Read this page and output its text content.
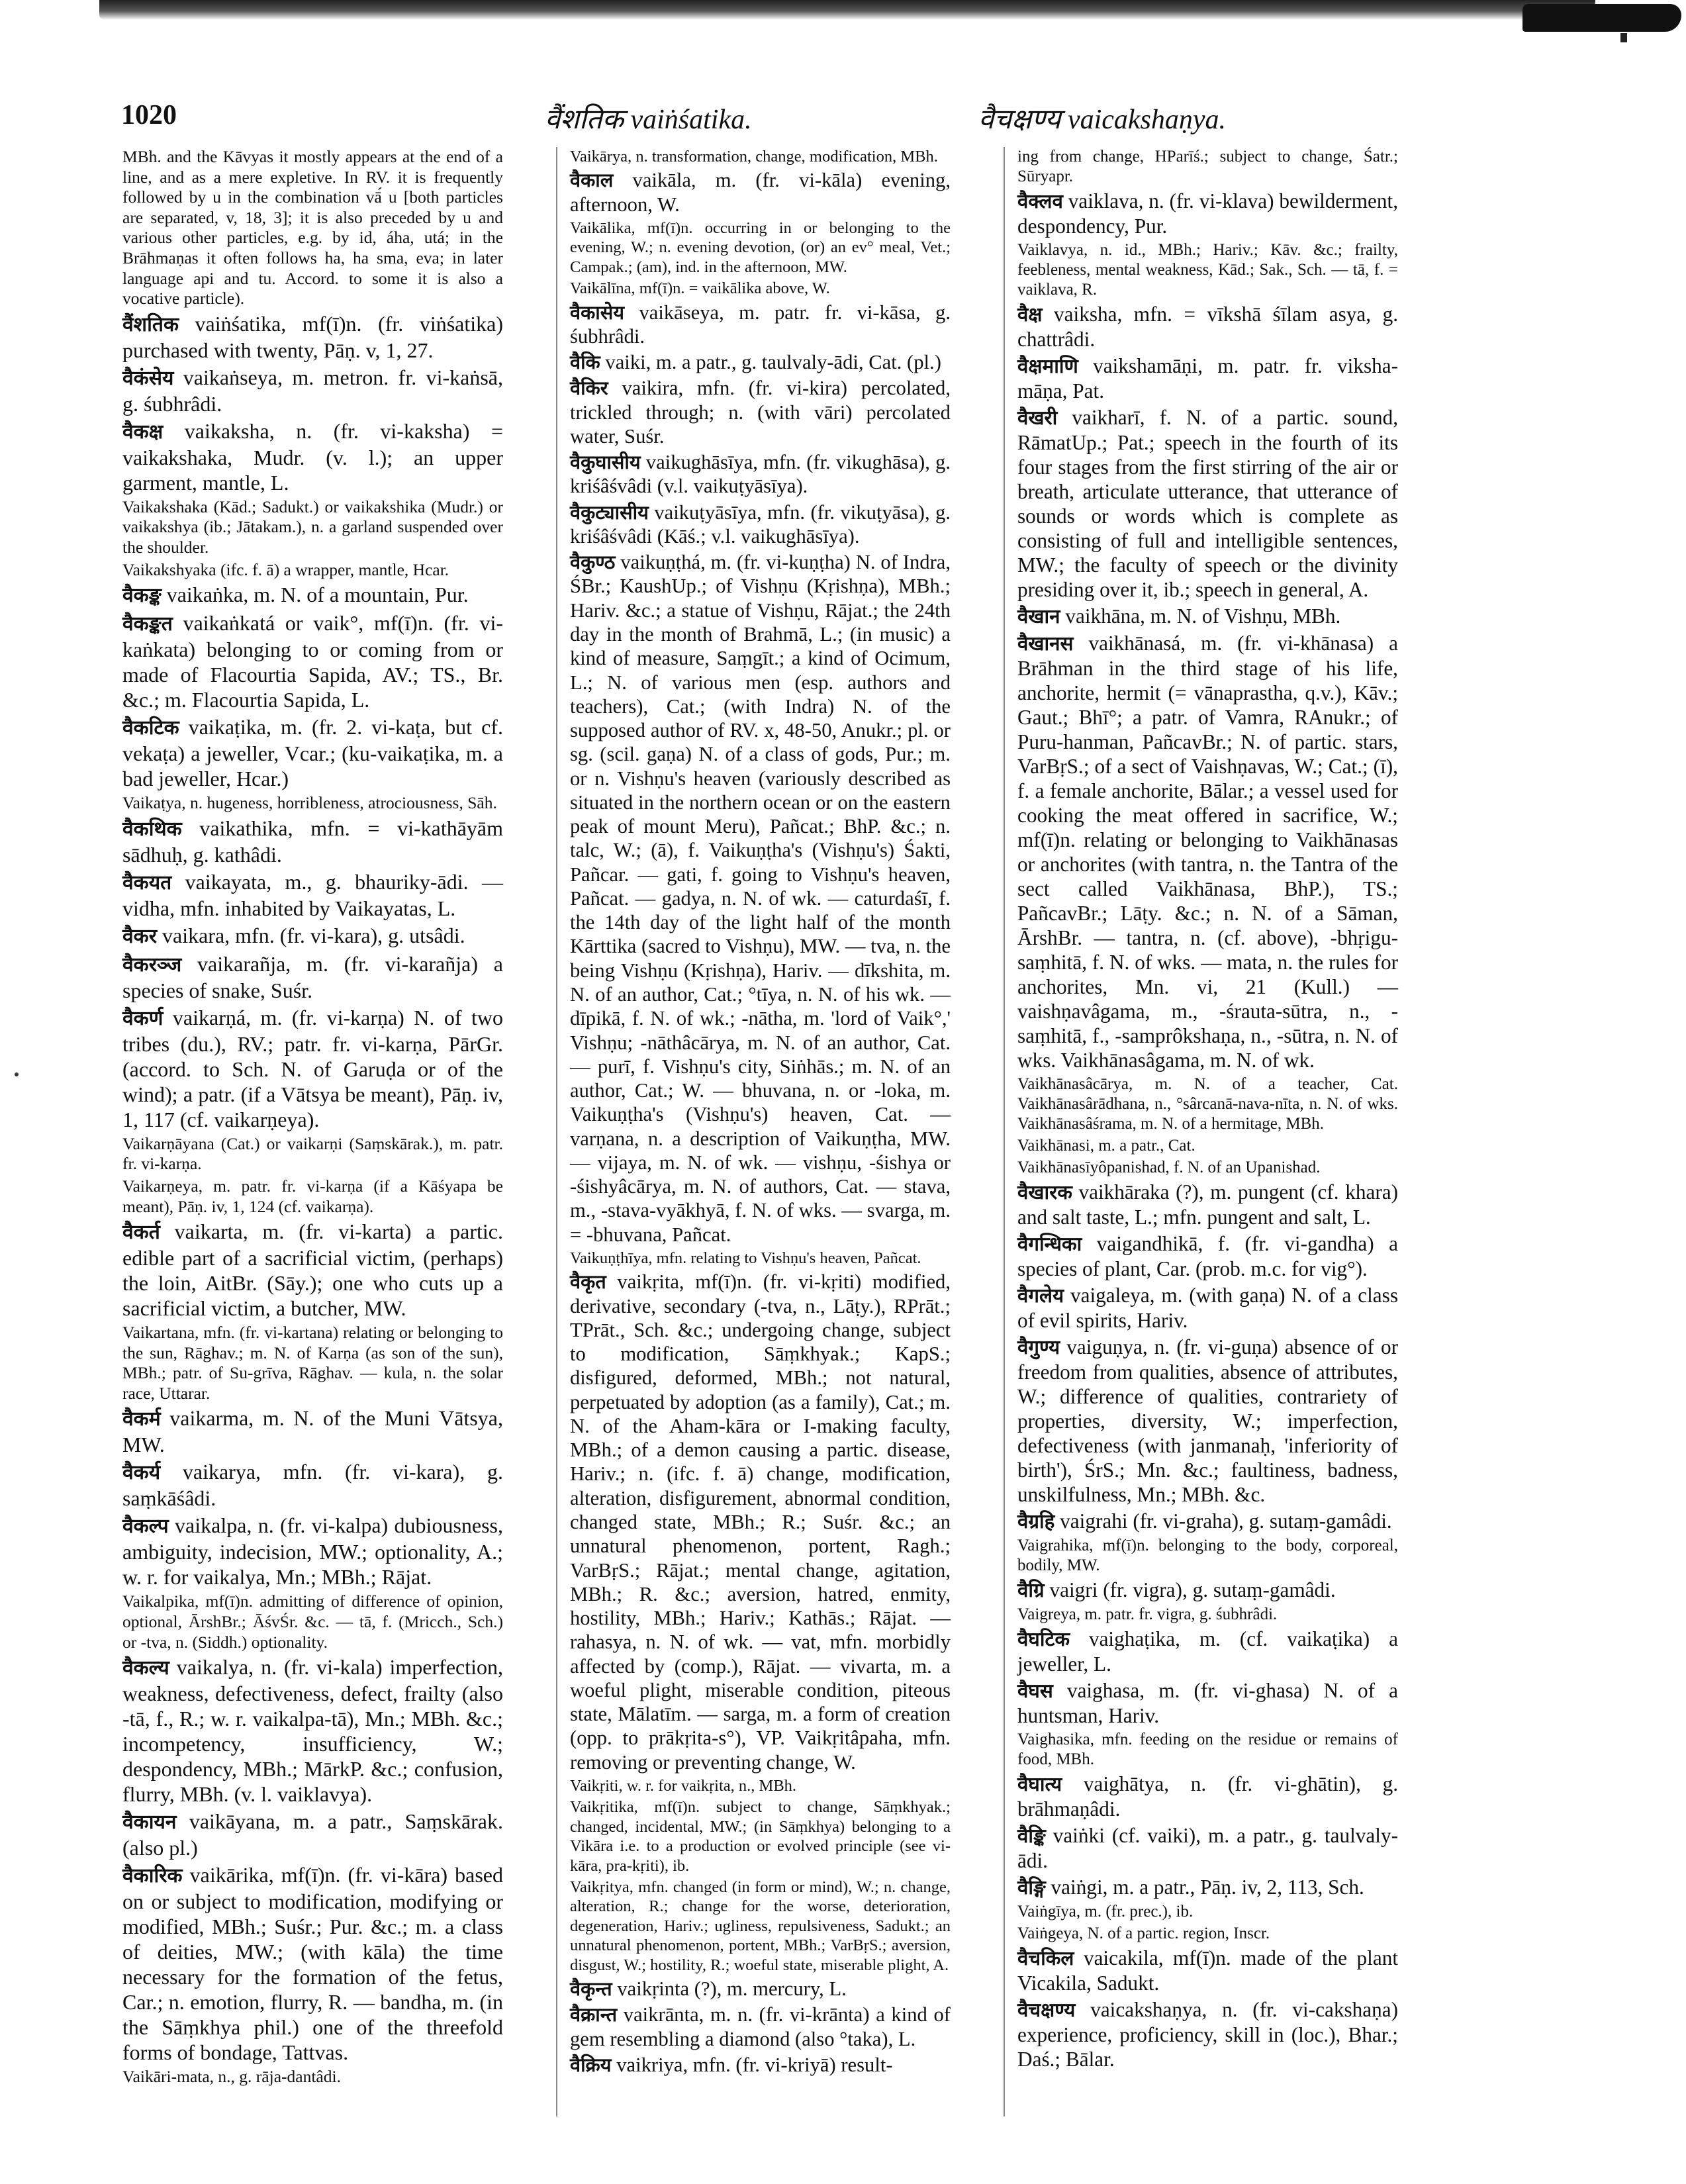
1020	वैंशतिक vaiṅśatika.	वैचक्षण्य vaicakshaṇya.

MBh. and the Kāvyas it mostly appears at the end of a line, and as a mere expletive. In RV. it is frequently followed by u in the combination vā́ u [both particles are separated, v, 18, 3]; it is also preceded by u and various other particles, e.g. by id, áha, utá; in the Brāhmaṇas it often follows ha, ha sma, eva; in later language api and tu. Accord. to some it is also a vocative particle).

वैंशतिक vaiṅśatika, mf(ī)n. (fr. viṅśatika) purchased with twenty, Pāṇ. v, 1, 27.

वैकंसेय vaikaṅseya, m. metron. fr. vi-kaṅsā, g. śubhrâdi.

वैकक्ष vaikaksha, n. (fr. vi-kaksha) = vaikakshaka, Mudr. (v. l.); an upper garment, mantle, L.

Vaikakshaka (Kād.; Sadukt.) or vaikakshika (Mudr.) or vaikakshya (ib.; Jātakam.), n. a garland suspended over the shoulder.

Vaikakshyaka (ifc. f. ā) a wrapper, mantle, Hcar.

वैकङ्क vaikaṅka, m. N. of a mountain, Pur.

वैकङ्कत vaikaṅkatá or vaik°, mf(ī)n. (fr. vi-kaṅkata) belonging to or coming from or made of Flacourtia Sapida, AV.; TS., Br. &c.; m. Flacourtia Sapida, L.

वैकटिक vaikaṭika, m. (fr. 2. vi-kaṭa, but cf. vekaṭa) a jeweller, Vcar.; (ku-vaikaṭika, m. a bad jeweller, Hcar.)

Vaikaṭya, n. hugeness, horribleness, atrociousness, Sāh.

वैकथिक vaikathika, mfn. = vi-kathāyām sādhuḥ, g. kathâdi.

वैकयत vaikayata, m., g. bhauriky-ādi. — vidha, mfn. inhabited by Vaikayatas, L.

वैकर vaikara, mfn. (fr. vi-kara), g. utsâdi.

वैकरञ्ज vaikarañja, m. (fr. vi-karañja) a species of snake, Suśr.

वैकर्ण vaikarṇá, m. (fr. vi-karṇa) N. of two tribes (du.), RV.; patr. fr. vi-karṇa, PārGr. (accord. to Sch. N. of Garuḍa or of the wind); a patr. (if a Vātsya be meant), Pāṇ. iv, 1, 117 (cf. vaikarṇeya).

Vaikarṇāyana (Cat.) or vaikarṇi (Saṃskārak.), m. patr. fr. vi-karṇa.

Vaikarṇeya, m. patr. fr. vi-karṇa (if a Kāśyapa be meant), Pāṇ. iv, 1, 124 (cf. vaikarṇa).

वैकर्त vaikarta, m. (fr. vi-karta) a partic. edible part of a sacrificial victim, (perhaps) the loin, AitBr. (Sāy.); one who cuts up a sacrificial victim, a butcher, MW.

Vaikartana, mfn. (fr. vi-kartana) relating or belonging to the sun, Rāghav.; m. N. of Karṇa (as son of the sun), MBh.; patr. of Su-grīva, Rāghav. — kula, n. the solar race, Uttarar.

वैकर्म vaikarma, m. N. of the Muni Vātsya, MW.

वैकर्य vaikarya, mfn. (fr. vi-kara), g. saṃkāśâdi.

वैकल्प vaikalpa, n. (fr. vi-kalpa) dubiousness, ambiguity, indecision, MW.; optionality, A.; w. r. for vaikalya, Mn.; MBh.; Rājat.

Vaikalpika, mf(ī)n. admitting of difference of opinion, optional, ĀrshBr.; ĀśvŚr. &c. — tā, f. (Mricch., Sch.) or -tva, n. (Siddh.) optionality.

वैकल्य vaikalya, n. (fr. vi-kala) imperfection, weakness, defectiveness, defect, frailty (also -tā, f., R.; w. r. vaikalpa-tā), Mn.; MBh. &c.; incompetency, insufficiency, W.; despondency, MBh.; MārkP. &c.; confusion, flurry, MBh. (v. l. vaiklavya).

वैकायन vaikāyana, m. a patr., Saṃskārak. (also pl.)

वैकारिक vaikārika, mf(ī)n. (fr. vi-kāra) based on or subject to modification, modifying or modified, MBh.; Suśr.; Pur. &c.; m. a class of deities, MW.; (with kāla) the time necessary for the formation of the fetus, Car.; n. emotion, flurry, R. — bandha, m. (in the Sāṃkhya phil.) one of the threefold forms of bondage, Tattvas.

Vaikāri-mata, n., g. rāja-dantâdi.

Vaikārya, n. transformation, change, modification, MBh.

वैकाल vaikāla, m. (fr. vi-kāla) evening, afternoon, W.

Vaikālika, mf(ī)n. occurring in or belonging to the evening, W.; n. evening devotion, (or) an ev° meal, Vet.; Campak.; (am), ind. in the afternoon, MW.

Vaikālīna, mf(ī)n. = vaikālika above, W.

वैकासेय vaikāseya, m. patr. fr. vi-kāsa, g. śubhrâdi.

वैकि vaiki, m. a patr., g. taulvaly-ādi, Cat. (pl.)

वैकिर vaikira, mfn. (fr. vi-kira) percolated, trickled through; n. (with vāri) percolated water, Suśr.

वैकुघासीय vaikughāsīya, mfn. (fr. vikughāsa), g. kriśâśvâdi (v.l. vaikuṭyāsīya).

वैकुट्यासीय vaikuṭyāsīya, mfn. (fr. vikuṭyāsa), g. kriśâśvâdi (Kāś.; v.l. vaikughāsīya).

वैकुण्ठ vaikuṇṭhá, m. (fr. vi-kuṇṭha) N. of Indra, ŚBr.; KaushUp.; of Vishṇu (Kṛishṇa), MBh.; Hariv. &c.; a statue of Vishṇu, Rājat.; the 24th day in the month of Brahmā, L.; (in music) a kind of measure, Saṃgīt.; a kind of Ocimum, L.; N. of various men (esp. authors and teachers), Cat.; (with Indra) N. of the supposed author of RV. x, 48-50, Anukr.; pl. or sg. (scil. gaṇa) N. of a class of gods, Pur.; m. or n. Vishṇu's heaven (variously described as situated in the northern ocean or on the eastern peak of mount Meru), Pañcat.; BhP. &c.; n. talc, W.; (ā), f. Vaikuṇṭha's (Vishṇu's) Śakti, Pañcar. — gati, f. going to Vishṇu's heaven, Pañcat. — gadya, n. N. of wk. — caturdaśī, f. the 14th day of the light half of the month Kārttika (sacred to Vishṇu), MW. — tva, n. the being Vishṇu (Kṛishṇa), Hariv. — dīkshita, m. N. of an author, Cat.; °tīya, n. N. of his wk. — dīpikā, f. N. of wk.; -nātha, m. 'lord of Vaik°,' Vishṇu; -nāthâcārya, m. N. of an author, Cat. — purī, f. Vishṇu's city, Siṅhās.; m. N. of an author, Cat.; W. — bhuvana, n. or -loka, m. Vaikuṇṭha's (Vishṇu's) heaven, Cat. — varṇana, n. a description of Vaikuṇṭha, MW. — vijaya, m. N. of wk. — vishṇu, -śishya or -śishyâcārya, m. N. of authors, Cat. — stava, m., -stava-vyākhyā, f. N. of wks. — svarga, m. = -bhuvana, Pañcat.

Vaikuṇṭhīya, mfn. relating to Vishṇu's heaven, Pañcat.

वैकृत vaikṛita, mf(ī)n. (fr. vi-kṛiti) modified, derivative, secondary (-tva, n., Lāṭy.), RPrāt.; TPrāt., Sch. &c.; undergoing change, subject to modification, Sāṃkhyak.; KapS.; disfigured, deformed, MBh.; not natural, perpetuated by adoption (as a family), Cat.; m. N. of the Aham-kāra or I-making faculty, MBh.; of a demon causing a partic. disease, Hariv.; n. (ifc. f. ā) change, modification, alteration, disfigurement, abnormal condition, changed state, MBh.; R.; Suśr. &c.; an unnatural phenomenon, portent, Ragh.; VarBṛS.; Rājat.; mental change, agitation, MBh.; R. &c.; aversion, hatred, enmity, hostility, MBh.; Hariv.; Kathās.; Rājat. — rahasya, n. N. of wk. — vat, mfn. morbidly affected by (comp.), Rājat. — vivarta, m. a woeful plight, miserable condition, piteous state, Mālatīm. — sarga, m. a form of creation (opp. to prākṛita-s°), VP. Vaikṛitâpaha, mfn. removing or preventing change, W.

Vaikṛiti, w. r. for vaikṛita, n., MBh.

Vaikṛitika, mf(ī)n. subject to change, Sāṃkhyak.; changed, incidental, MW.; (in Sāṃkhya) belonging to a Vikāra i.e. to a production or evolved principle (see vi-kāra, pra-kṛiti), ib.

Vaikṛitya, mfn. changed (in form or mind), W.; n. change, alteration, R.; change for the worse, deterioration, degeneration, Hariv.; ugliness, repulsiveness, Sadukt.; an unnatural phenomenon, portent, MBh.; VarBṛS.; aversion, disgust, W.; hostility, R.; woeful state, miserable plight, A.

वैकृन्त vaikṛinta (?), m. mercury, L.

वैक्रान्त vaikrānta, m. n. (fr. vi-krānta) a kind of gem resembling a diamond (also °taka), L.

वैक्रिय vaikriya, mfn. (fr. vi-kriyā) result-

ing from change, HParīś.; subject to change, Śatr.; Sūryapr.

वैक्लव vaiklava, n. (fr. vi-klava) bewilderment, despondency, Pur.

Vaiklavya, n. id., MBh.; Hariv.; Kāv. &c.; frailty, feebleness, mental weakness, Kād.; Sak., Sch. — tā, f. = vaiklava, R.

वैक्ष vaiksha, mfn. = vīkshā śīlam asya, g. chattrâdi.

वैक्षमाणि vaikshamāṇi, m. patr. fr. viksha-māṇa, Pat.

वैखरी vaikharī, f. N. of a partic. sound, RāmatUp.; Pat.; speech in the fourth of its four stages from the first stirring of the air or breath, articulate utterance, that utterance of sounds or words which is complete as consisting of full and intelligible sentences, MW.; the faculty of speech or the divinity presiding over it, ib.; speech in general, A.

वैखान vaikhāna, m. N. of Vishṇu, MBh.

वैखानस vaikhānasá, m. (fr. vi-khānasa) a Brāhman in the third stage of his life, anchorite, hermit (= vānaprastha, q.v.), Kāv.; Gaut.; Bhī°; a patr. of Vamra, RAnukr.; of Puru-hanman, PañcavBr.; N. of partic. stars, VarBṛS.; of a sect of Vaishṇavas, W.; Cat.; (ī), f. a female anchorite, Bālar.; a vessel used for cooking the meat offered in sacrifice, W.; mf(ī)n. relating or belonging to Vaikhānasas or anchorites (with tantra, n. the Tantra of the sect called Vaikhānasa, BhP.), TS.; PañcavBr.; Lāṭy. &c.; n. N. of a Sāman, ĀrshBr. — tantra, n. (cf. above), -bhṛigu-saṃhitā, f. N. of wks. — mata, n. the rules for anchorites, Mn. vi, 21 (Kull.) — vaishṇavâgama, m., -śrauta-sūtra, n., -saṃhitā, f., -samprôkshaṇa, n., -sūtra, n. N. of wks. Vaikhānasâgama, m. N. of wk.

Vaikhānasâcārya, m. N. of a teacher, Cat. Vaikhānasârādhana, n., °sârcanā-nava-nīta, n. N. of wks. Vaikhānasâśrama, m. N. of a hermitage, MBh.

Vaikhānasi, m. a patr., Cat.

Vaikhānasīyôpanishad, f. N. of an Upanishad.

वैखारक vaikhāraka (?), m. pungent (cf. khara) and salt taste, L.; mfn. pungent and salt, L.

वैगन्धिका vaigandhikā, f. (fr. vi-gandha) a species of plant, Car. (prob. m.c. for vig°).

वैगलेय vaigaleya, m. (with gaṇa) N. of a class of evil spirits, Hariv.

वैगुण्य vaiguṇya, n. (fr. vi-guṇa) absence of or freedom from qualities, absence of attributes, W.; difference of qualities, contrariety of properties, diversity, W.; imperfection, defectiveness (with janmanaḥ, 'inferiority of birth'), ŚrS.; Mn. &c.; faultiness, badness, unskilfulness, Mn.; MBh. &c.

वैग्रहि vaigrahi (fr. vi-graha), g. sutaṃ-gamâdi.

Vaigrahika, mf(ī)n. belonging to the body, corporeal, bodily, MW.

वैग्रि vaigri (fr. vigra), g. sutaṃ-gamâdi.

Vaigreya, m. patr. fr. vigra, g. śubhrâdi.

वैघटिक vaighaṭika, m. (cf. vaikaṭika) a jeweller, L.

वैघस vaighasa, m. (fr. vi-ghasa) N. of a huntsman, Hariv.

Vaighasika, mfn. feeding on the residue or remains of food, MBh.

वैघात्य vaighātya, n. (fr. vi-ghātin), g. brāhmaṇâdi.

वैङ्कि vaiṅki (cf. vaiki), m. a patr., g. taulvaly-ādi.

वैङ्गि vaiṅgi, m. a patr., Pāṇ. iv, 2, 113, Sch.

Vaiṅgīya, m. (fr. prec.), ib.

Vaiṅgeya, N. of a partic. region, Inscr.

वैचकिल vaicakila, mf(ī)n. made of the plant Vicakila, Sadukt.

वैचक्षण्य vaicakshaṇya, n. (fr. vi-cakshaṇa) experience, proficiency, skill in (loc.), Bhar.; Daś.; Bālar.
